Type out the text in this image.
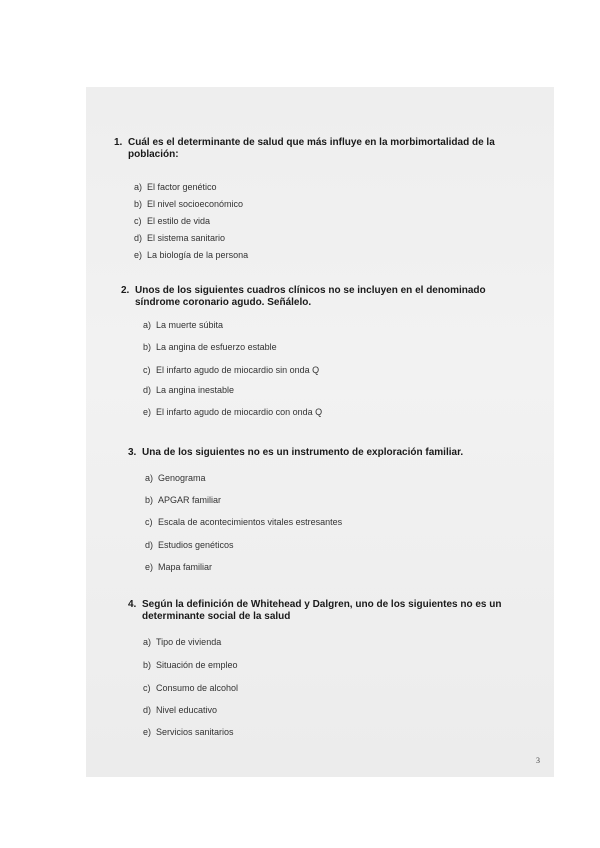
1. Cuál es el determinante de salud que más influye en la morbimortalidad de la población:
a) El factor genético
b) El nivel socioeconómico
c) El estilo de vida
d) El sistema sanitario
e) La biología de la persona
2. Unos de los siguientes cuadros clínicos no se incluyen en el denominado síndrome coronario agudo. Señálelo.
a) La muerte súbita
b) La angina de esfuerzo estable
c) El infarto agudo de miocardio sin onda Q
d) La angina inestable
e) El infarto agudo de miocardio con onda Q
3. Una de los siguientes no es un instrumento de exploración familiar.
a) Genograma
b) APGAR familiar
c) Escala de acontecimientos vitales estresantes
d) Estudios genéticos
e) Mapa familiar
4. Según la definición de Whitehead y Dalgren, uno de los siguientes no es un determinante social de la salud
a) Tipo de vivienda
b) Situación de empleo
c) Consumo de alcohol
d) Nivel educativo
e) Servicios sanitarios
3
